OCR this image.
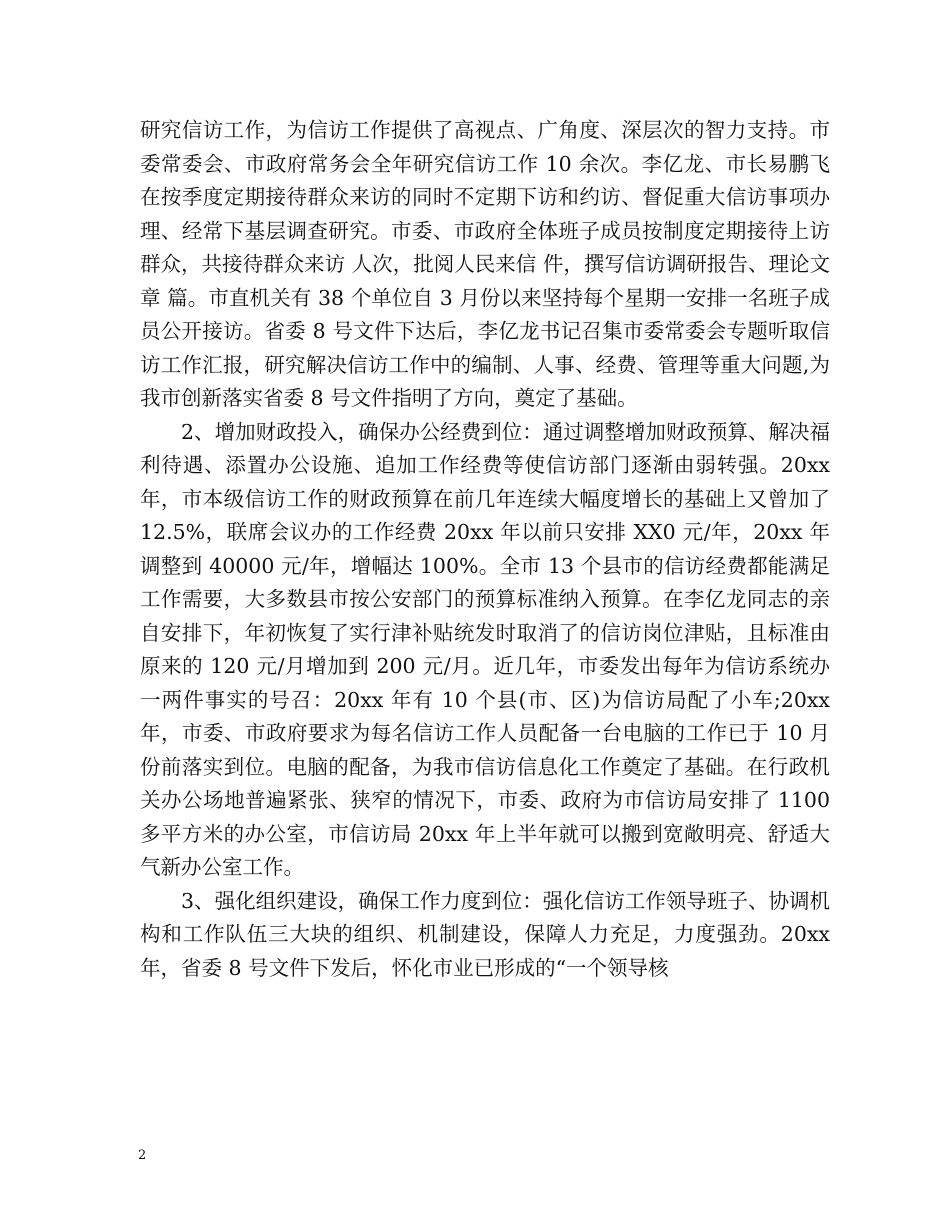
研究信访工作，为信访工作提供了高视点、广角度、深层次的智力支持。市委常委会、市政府常务会全年研究信访工作 10 余次。李亿龙、市长易鹏飞在按季度定期接待群众来访的同时不定期下访和约访、督促重大信访事项办理、经常下基层调查研究。市委、市政府全体班子成员按制度定期接待上访群众，共接待群众来访 人次，批阅人民来信 件，撰写信访调研报告、理论文章 篇。市直机关有 38 个单位自 3 月份以来坚持每个星期一安排一名班子成员公开接访。省委 8 号文件下达后，李亿龙书记召集市委常委会专题听取信访工作汇报，研究解决信访工作中的编制、人事、经费、管理等重大问题,为我市创新落实省委 8 号文件指明了方向，奠定了基础。

2、增加财政投入，确保办公经费到位：通过调整增加财政预算、解决福利待遇、添置办公设施、追加工作经费等使信访部门逐渐由弱转强。20xx 年，市本级信访工作的财政预算在前几年连续大幅度增长的基础上又曾加了 12.5%，联席会议办的工作经费 20xx 年以前只安排 XX0 元/年，20xx 年调整到 40000 元/年，增幅达 100%。全市 13 个县市的信访经费都能满足工作需要，大多数县市按公安部门的预算标准纳入预算。在李亿龙同志的亲自安排下，年初恢复了实行津补贴统发时取消了的信访岗位津贴，且标准由原来的 120 元/月增加到 200 元/月。近几年，市委发出每年为信访系统办一两件事实的号召：20xx 年有 10 个县(市、区)为信访局配了小车;20xx 年，市委、市政府要求为每名信访工作人员配备一台电脑的工作已于 10 月份前落实到位。电脑的配备，为我市信访信息化工作奠定了基础。在行政机关办公场地普遍紧张、狭窄的情况下，市委、政府为市信访局安排了 1100 多平方米的办公室，市信访局 20xx 年上半年就可以搬到宽敞明亮、舒适大气新办公室工作。

3、强化组织建设，确保工作力度到位：强化信访工作领导班子、协调机构和工作队伍三大块的组织、机制建设，保障人力充足，力度强劲。20xx 年，省委 8 号文件下发后，怀化市业已形成的“一个领导核

2
